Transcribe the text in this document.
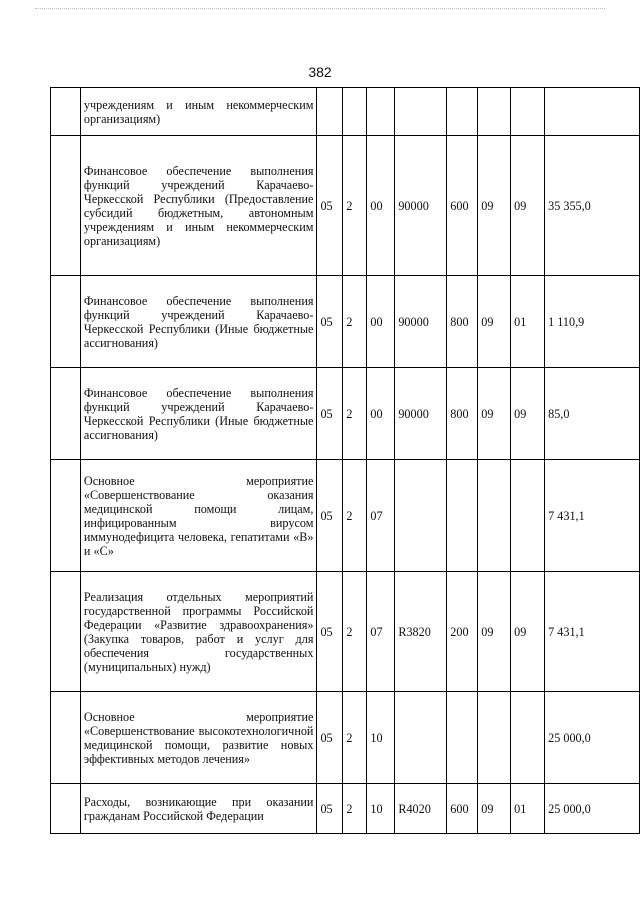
382
	учреждениям и иным некоммерческим организациям)								
	Финансовое обеспечение выполнения функций учреждений Карачаево-Черкесской Республики (Предоставление субсидий бюджетным, автономным учреждениям и иным некоммерческим организациям)	05	2	00	90000	600	09	09	35 355,0
	Финансовое обеспечение выполнения функций учреждений Карачаево-Черкесской Республики (Иные бюджетные ассигнования)	05	2	00	90000	800	09	01	1 110,9
	Финансовое обеспечение выполнения функций учреждений Карачаево-Черкесской Республики (Иные бюджетные ассигнования)	05	2	00	90000	800	09	09	85,0
	Основное мероприятие «Совершенствование оказания медицинской помощи лицам, инфицированным вирусом иммунодефицита человека, гепатитами «В» и «С»	05	2	07					7 431,1
	Реализация отдельных мероприятий государственной программы Российской Федерации «Развитие здравоохранения» (Закупка товаров, работ и услуг для обеспечения государственных (муниципальных) нужд)	05	2	07	R3820	200	09	09	7 431,1
	Основное мероприятие «Совершенствование высокотехнологичной медицинской помощи, развитие новых эффективных методов лечения»	05	2	10					25 000,0
	Расходы, возникающие при оказании гражданам Российской Федерации	05	2	10	R4020	600	09	01	25 000,0
